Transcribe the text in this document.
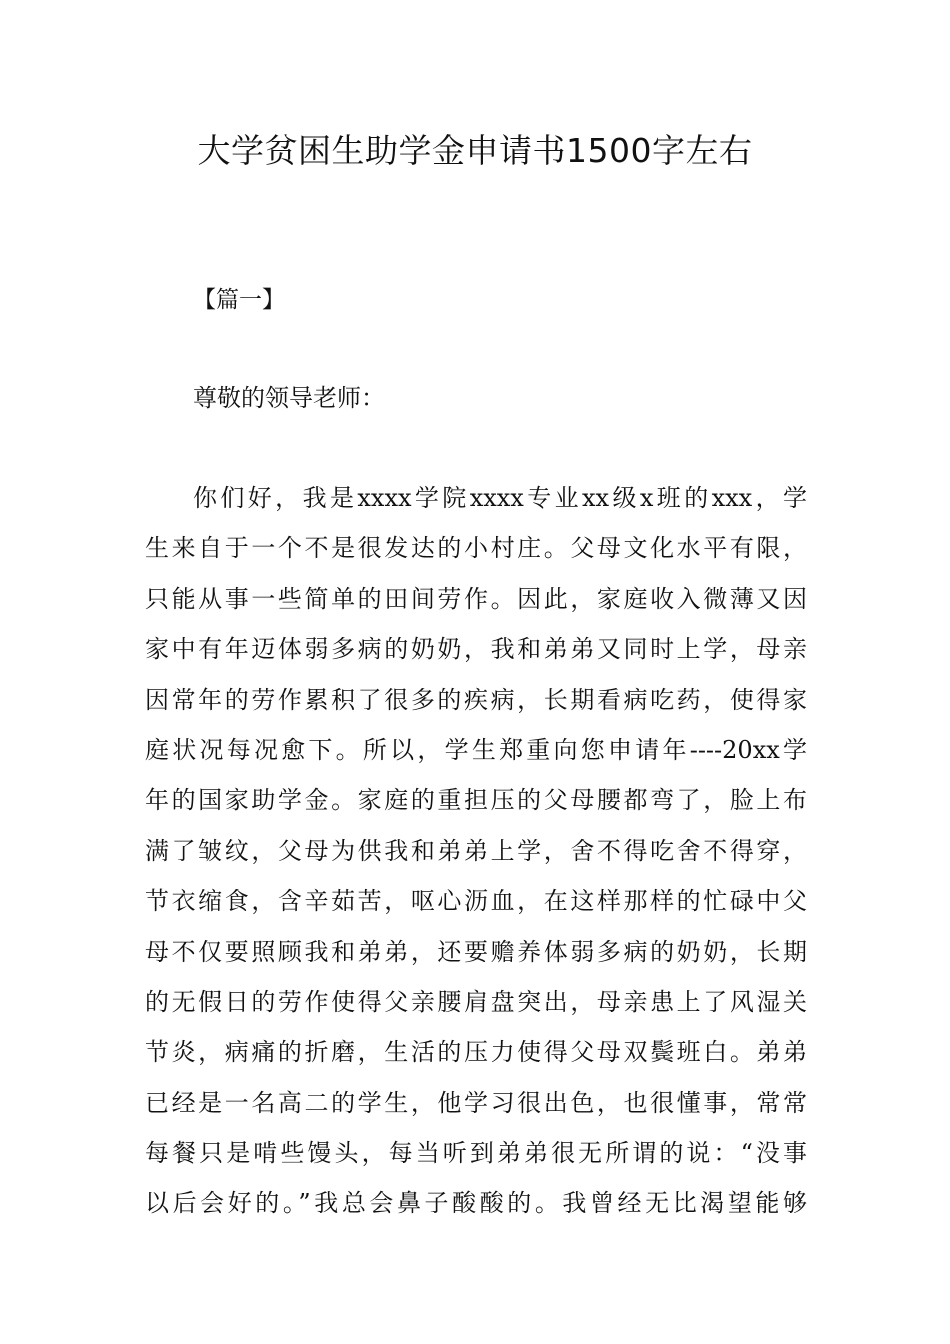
大学贫困生助学金申请书1500字左右
【篇一】
尊敬的领导老师：
你们好，我是xxxx学院xxxx专业xx级x班的xxx，学
生来自于一个不是很发达的小村庄。父母文化水平有限，
只能从事一些简单的田间劳作。因此，家庭收入微薄又因
家中有年迈体弱多病的奶奶，我和弟弟又同时上学，母亲
因常年的劳作累积了很多的疾病，长期看病吃药，使得家
庭状况每况愈下。所以，学生郑重向您申请年----20xx学
年的国家助学金。家庭的重担压的父母腰都弯了，脸上布
满了皱纹，父母为供我和弟弟上学，舍不得吃舍不得穿，
节衣缩食，含辛茹苦，呕心沥血，在这样那样的忙碌中父
母不仅要照顾我和弟弟，还要赡养体弱多病的奶奶，长期
的无假日的劳作使得父亲腰肩盘突出，母亲患上了风湿关
节炎，病痛的折磨，生活的压力使得父母双鬓班白。弟弟
已经是一名高二的学生，他学习很出色，也很懂事，常常
每餐只是啃些馒头，每当听到弟弟很无所谓的说：“没事
以后会好的。”我总会鼻子酸酸的。我曾经无比渴望能够
